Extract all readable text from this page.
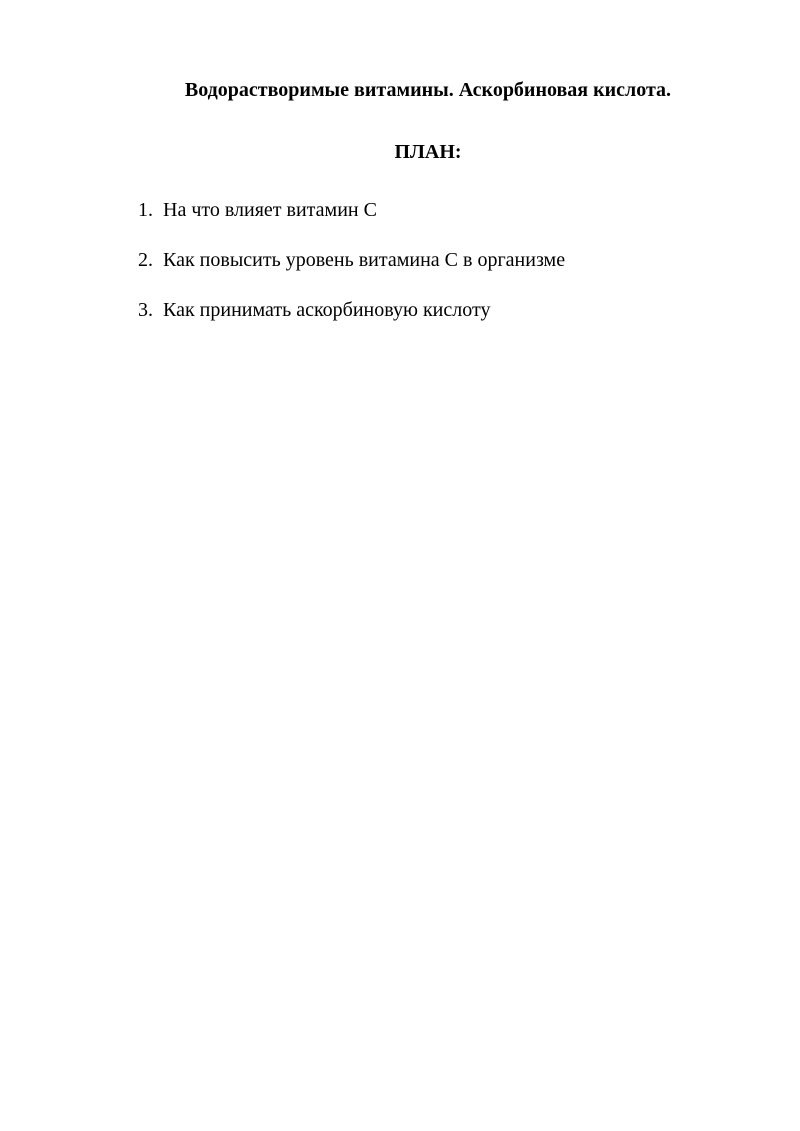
Водорастворимые витамины. Аскорбиновая кислота.
ПЛАН:
1. На что влияет витамин С
2. Как повысить уровень витамина С в организме
3. Как принимать аскорбиновую кислоту
